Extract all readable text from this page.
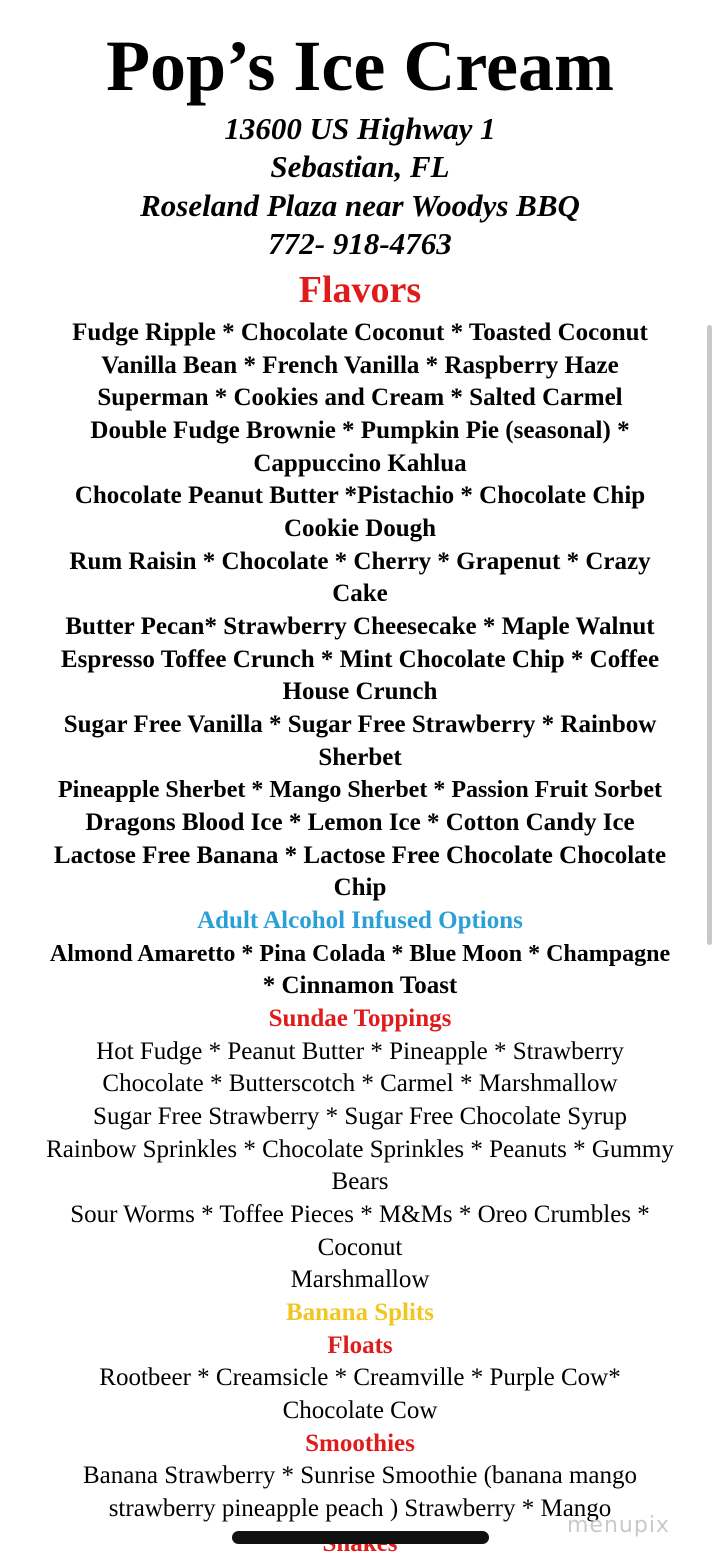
Pop’s Ice Cream
13600 US Highway 1
Sebastian, FL
Roseland Plaza near Woodys BBQ
772- 918-4763
Flavors
Fudge Ripple * Chocolate Coconut * Toasted Coconut
Vanilla Bean * French Vanilla * Raspberry Haze
Superman * Cookies and Cream * Salted Carmel
Double Fudge Brownie * Pumpkin Pie (seasonal) *
Cappuccino Kahlua
Chocolate Peanut Butter *Pistachio * Chocolate Chip
Cookie Dough
Rum Raisin * Chocolate * Cherry * Grapenut * Crazy
Cake
Butter Pecan* Strawberry Cheesecake * Maple Walnut
Espresso Toffee Crunch * Mint Chocolate Chip * Coffee
House Crunch
Sugar Free Vanilla * Sugar Free Strawberry * Rainbow
Sherbet
Pineapple Sherbet * Mango Sherbet * Passion Fruit Sorbet
Dragons Blood Ice * Lemon Ice * Cotton Candy Ice
Lactose Free Banana * Lactose Free Chocolate Chocolate
Chip
Adult Alcohol Infused Options
Almond Amaretto * Pina Colada * Blue Moon * Champagne
* Cinnamon Toast
Sundae Toppings
Hot Fudge * Peanut Butter * Pineapple * Strawberry
Chocolate * Butterscotch * Carmel * Marshmallow
Sugar Free Strawberry * Sugar Free Chocolate Syrup
Rainbow Sprinkles * Chocolate Sprinkles * Peanuts * Gummy
Bears
Sour Worms * Toffee Pieces * M&Ms * Oreo Crumbles *
Coconut
Marshmallow
Banana Splits
Floats
Rootbeer * Creamsicle * Creamville * Purple Cow*
Chocolate Cow
Smoothies
Banana Strawberry * Sunrise Smoothie (banana mango
strawberry pineapple peach ) Strawberry * Mango
menupix
